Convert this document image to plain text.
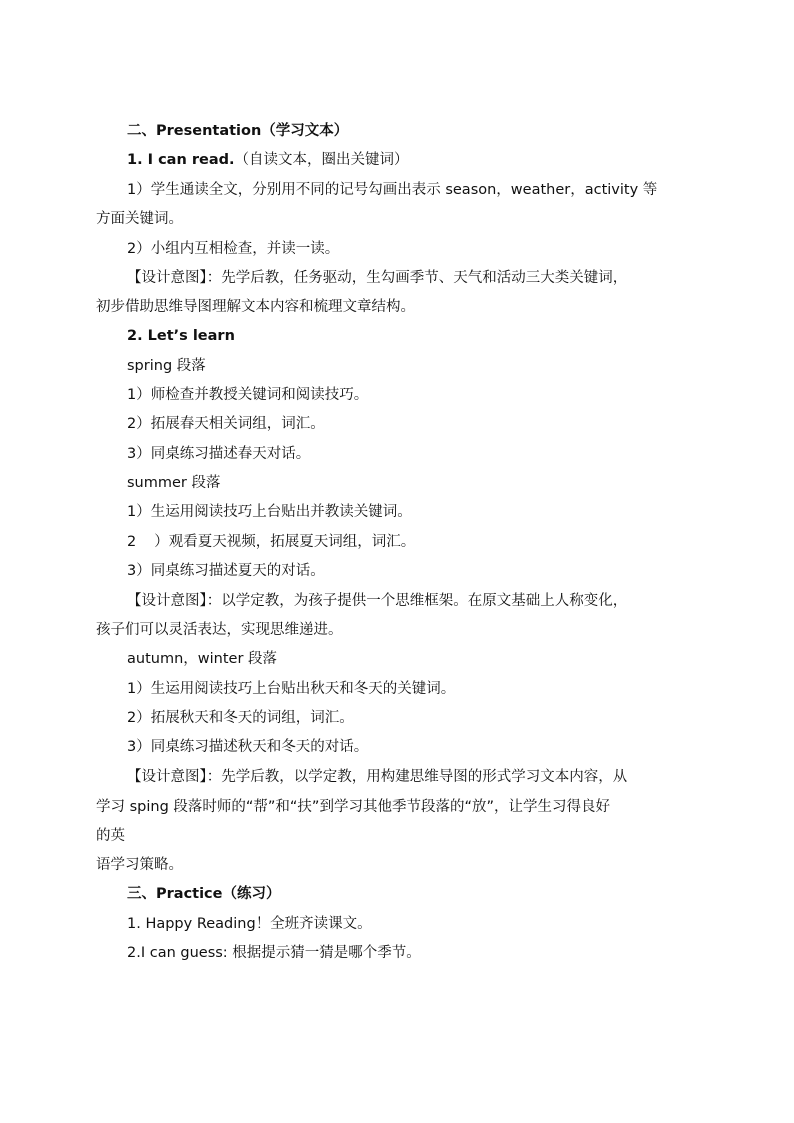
二、Presentation（学习文本）
1. I can read.（自读文本，圈出关键词）
1）学生通读全文，分别用不同的记号勾画出表示 season，weather，activity 等
方面关键词。
2）小组内互相检查，并读一读。
【设计意图】：先学后教，任务驱动，生勾画季节、天气和活动三大类关键词，
初步借助思维导图理解文本内容和梳理文章结构。
2. Let’s learn
spring 段落
1）师检查并教授关键词和阅读技巧。
2）拓展春天相关词组，词汇。
3）同桌练习描述春天对话。
summer 段落
1）生运用阅读技巧上台贴出并教读关键词。
2 ）观看夏天视频，拓展夏天词组，词汇。
3）同桌练习描述夏天的对话。
【设计意图】：以学定教，为孩子提供一个思维框架。在原文基础上人称变化，
孩子们可以灵活表达，实现思维递进。
autumn，winter 段落
1）生运用阅读技巧上台贴出秋天和冬天的关键词。
2）拓展秋天和冬天的词组，词汇。
3）同桌练习描述秋天和冬天的对话。
【设计意图】：先学后教，以学定教，用构建思维导图的形式学习文本内容，从
学习 sping 段落时师的“帮”和“扶”到学习其他季节段落的“放”，让学生习得良好
的英
语学习策略。
三、Practice（练习）
1. Happy Reading！全班齐读课文。
2.I can guess: 根据提示猜一猜是哪个季节。
